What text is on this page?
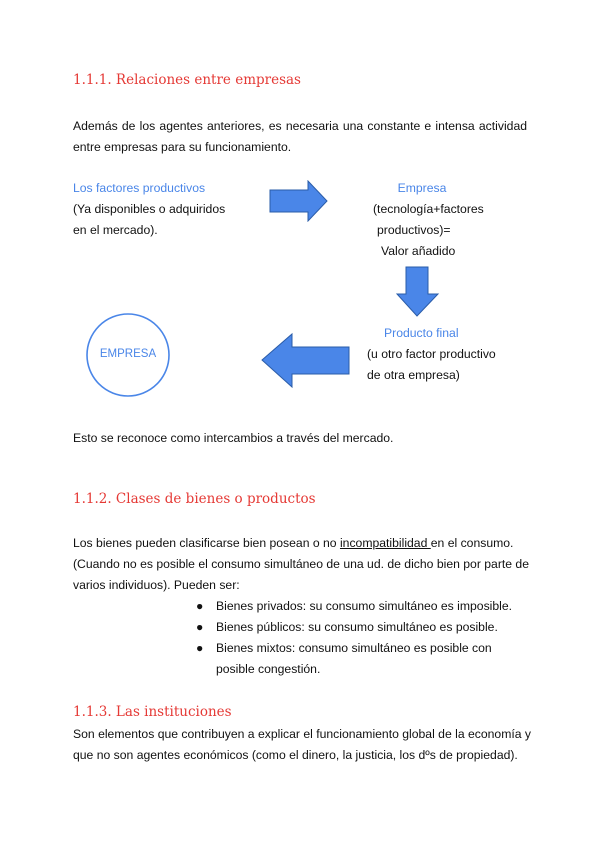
1.1.1. Relaciones entre empresas
Además de los agentes anteriores, es necesaria una constante e intensa actividad
entre empresas para su funcionamiento.
Los factores productivos
(Ya disponibles o adquiridos
en el mercado).
Empresa
(tecnología+factores
productivos)=
Valor añadido
Producto final
(u otro factor productivo
de otra empresa)
EMPRESA
Esto se reconoce como intercambios a través del mercado.
1.1.2. Clases de bienes o productos
Los bienes pueden clasificarse bien posean o no incompatibilidad en el consumo.
(Cuando no es posible el consumo simultáneo de una ud. de dicho bien por parte de
varios individuos). Pueden ser:
● Bienes privados: su consumo simultáneo es imposible.
● Bienes públicos: su consumo simultáneo es posible.
● Bienes mixtos: consumo simultáneo es posible con
posible congestión.
1.1.3. Las instituciones
Son elementos que contribuyen a explicar el funcionamiento global de la economía y
que no son agentes económicos (como el dinero, la justicia, los dºs de propiedad).
